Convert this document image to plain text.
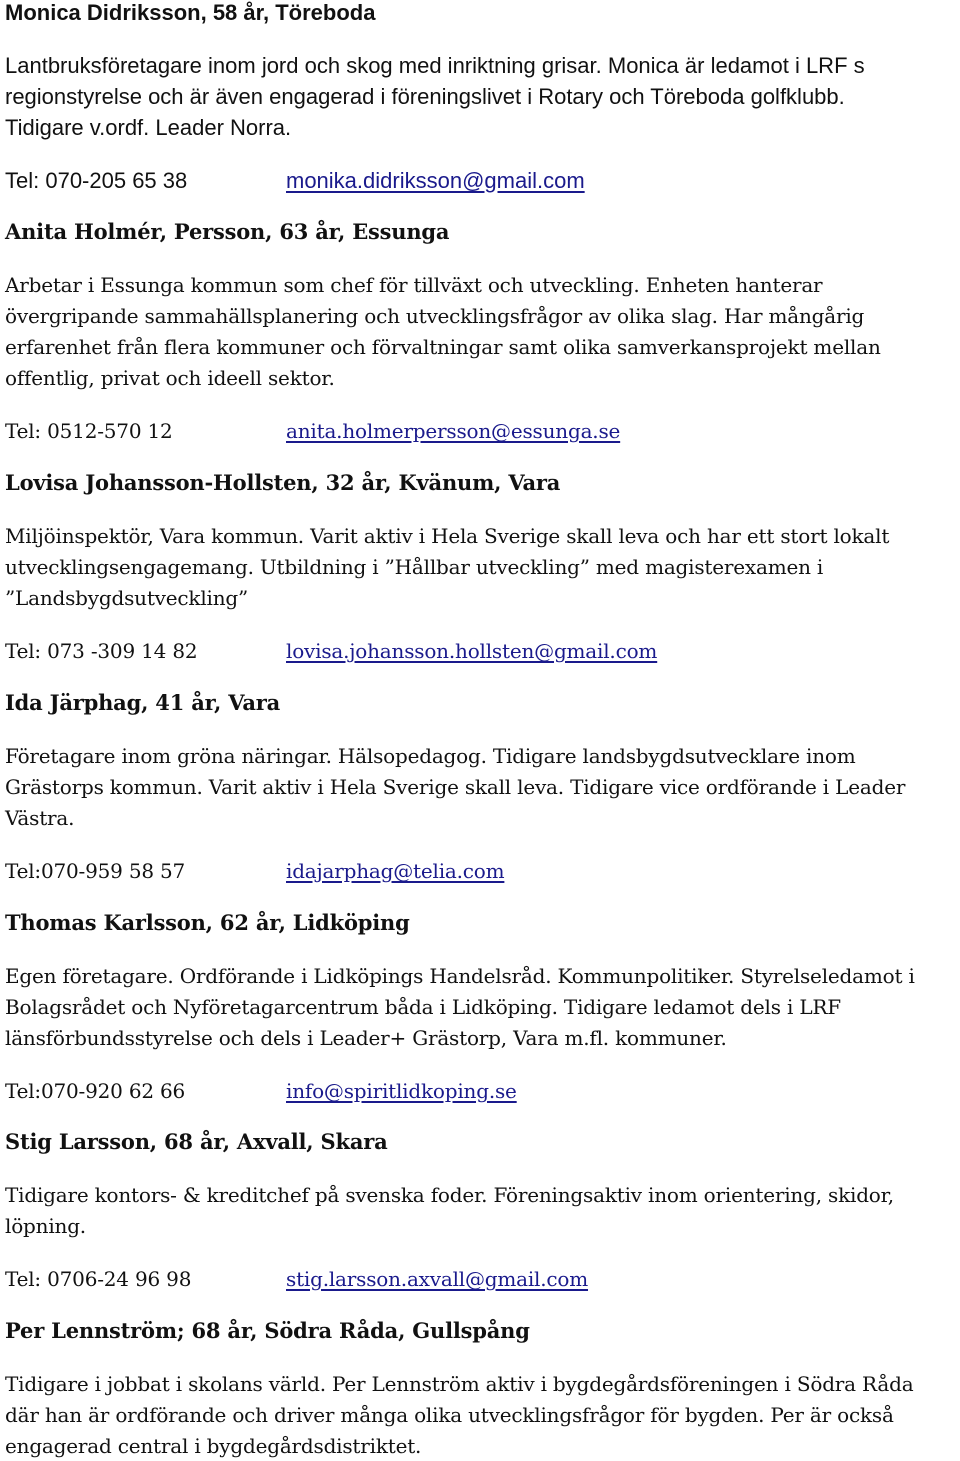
Monica Didriksson, 58 år, Töreboda
Lantbruksföretagare inom jord och skog med inriktning grisar. Monica är ledamot i LRF s
regionstyrelse och är även engagerad i föreningslivet i Rotary och Töreboda golfklubb.
Tidigare v.ordf. Leader Norra.
Tel: 070-205 65 38	monika.didriksson@gmail.com
Anita Holmér, Persson, 63 år, Essunga
Arbetar i Essunga kommun som chef för tillväxt och utveckling. Enheten hanterar
övergripande sammahällsplanering och utvecklingsfrågor av olika slag. Har mångårig
erfarenhet från flera kommuner och förvaltningar samt olika samverkansprojekt mellan
offentlig, privat och ideell sektor.
Tel: 0512-570 12	anita.holmerpersson@essunga.se
Lovisa Johansson-Hollsten, 32 år, Kvänum, Vara
Miljöinspektör, Vara kommun. Varit aktiv i Hela Sverige skall leva och har ett stort lokalt
utvecklingsengagemang. Utbildning i ”Hållbar utveckling” med magisterexamen i
”Landsbygdsutveckling”
Tel: 073 -309 14 82	lovisa.johansson.hollsten@gmail.com
Ida Järphag, 41 år, Vara
Företagare inom gröna näringar. Hälsopedagog. Tidigare landsbygdsutvecklare inom
Grästorps kommun. Varit aktiv i Hela Sverige skall leva. Tidigare vice ordförande i Leader
Västra.
Tel:070-959 58 57	idajarphag@telia.com
Thomas Karlsson, 62 år, Lidköping
Egen företagare. Ordförande i Lidköpings Handelsråd. Kommunpolitiker. Styrelseledamot i
Bolagsrådet och Nyföretagarcentrum båda i Lidköping. Tidigare ledamot dels i LRF
länsförbundsstyrelse och dels i Leader+ Grästorp, Vara m.fl. kommuner.
Tel:070-920 62 66	info@spiritlidkoping.se
Stig Larsson, 68 år, Axvall, Skara
Tidigare kontors- & kreditchef på svenska foder. Föreningsaktiv inom orientering, skidor,
löpning.
Tel: 0706-24 96 98	stig.larsson.axvall@gmail.com
Per Lennström; 68 år, Södra Råda, Gullspång
Tidigare i jobbat i skolans värld. Per Lennström aktiv i bygdegårdsföreningen i Södra Råda
där han är ordförande och driver många olika utvecklingsfrågor för bygden. Per är också
engagerad central i bygdegårdsdistriktet.
